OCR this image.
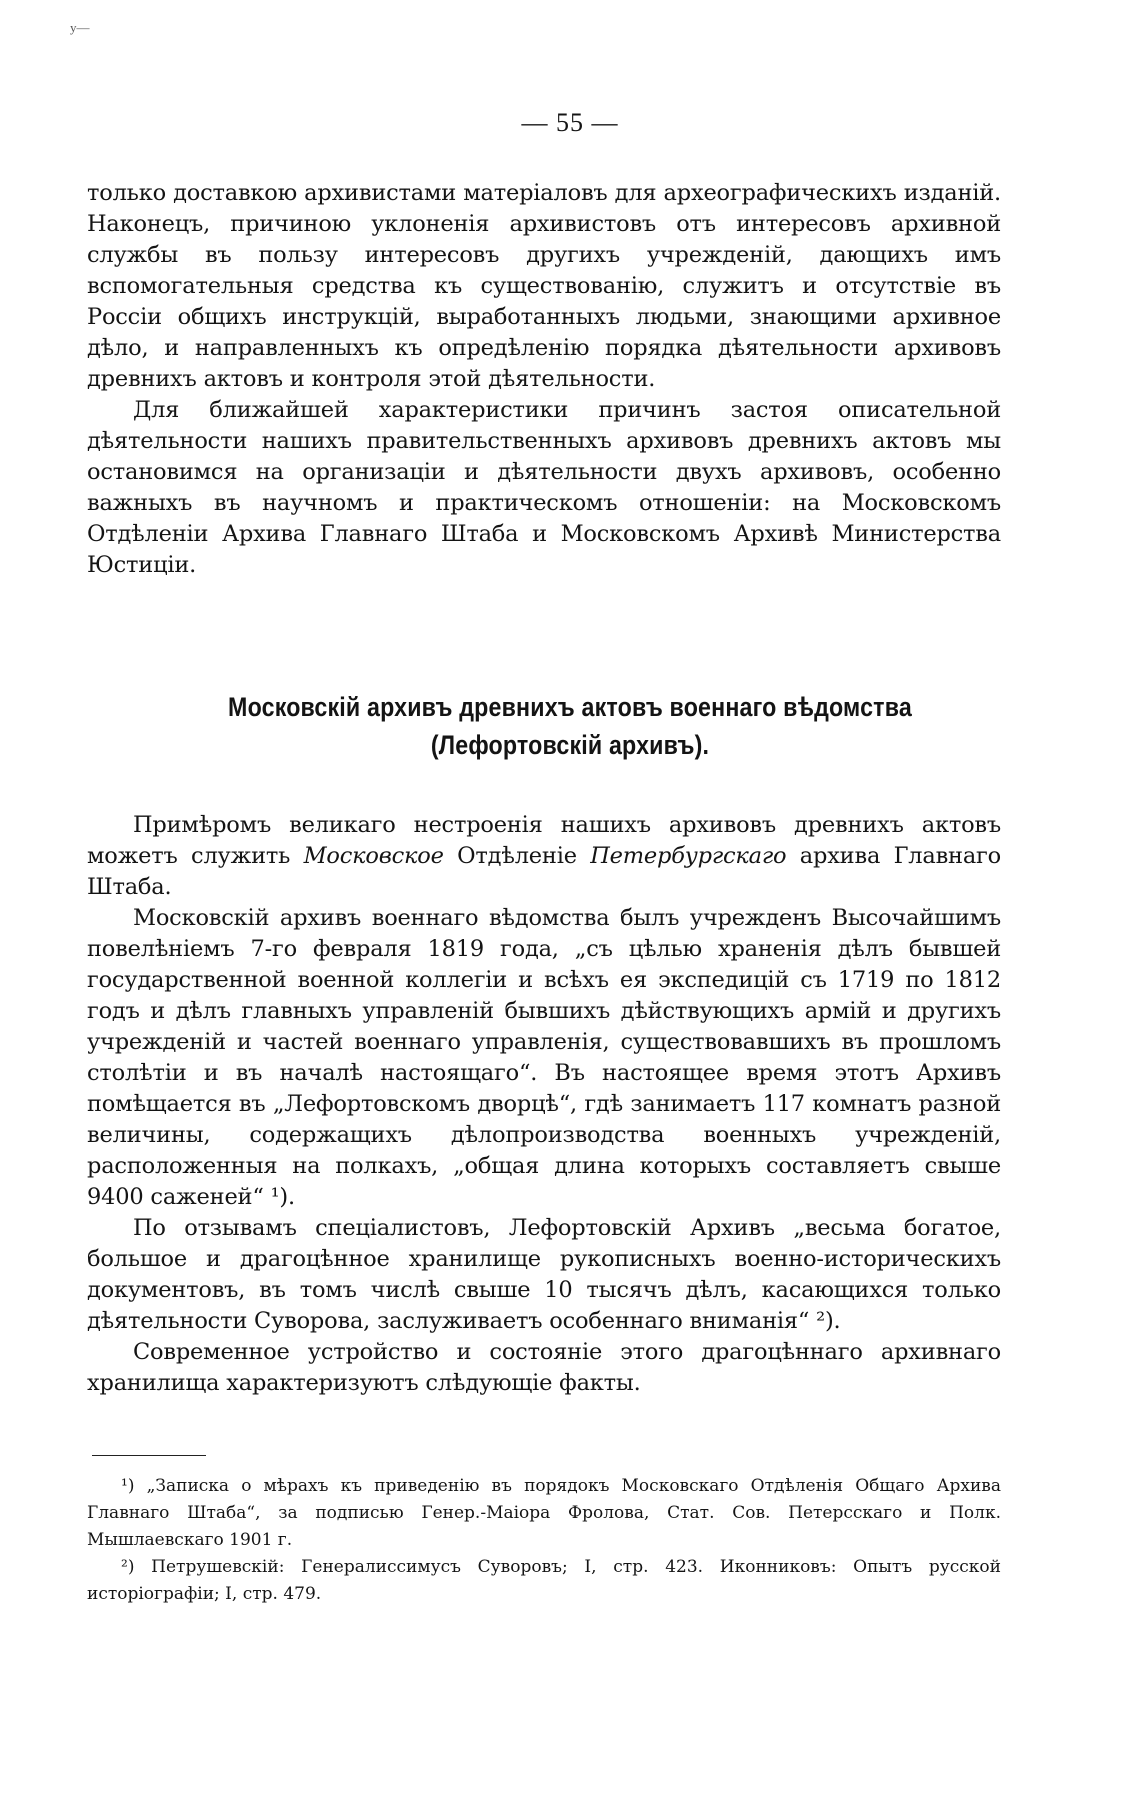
у—
— 55 —

только доставкою архивистами матеріаловъ для археографическихъ изданій. Наконецъ, причиною уклоненія архивистовъ отъ интересовъ архивной службы въ пользу интересовъ другихъ учрежденій, дающихъ имъ вспомогательныя средства къ существованію, служитъ и отсутствіе въ Россіи общихъ инструкцій, выработанныхъ людьми, знающими архивное дѣло, и направленныхъ къ опредѣленію порядка дѣятельности архивовъ древнихъ актовъ и контроля этой дѣятельности.

Для ближайшей характеристики причинъ застоя описательной дѣятельности нашихъ правительственныхъ архивовъ древнихъ актовъ мы остановимся на организаціи и дѣятельности двухъ архивовъ, особенно важныхъ въ научномъ и практическомъ отношеніи: на Московскомъ Отдѣленіи Архива Главнаго Штаба и Московскомъ Архивѣ Министерства Юстиціи.

Московскій архивъ древнихъ актовъ военнаго вѣдомства
(Лефортовскій архивъ).

Примѣромъ великаго нестроенія нашихъ архивовъ древнихъ актовъ можетъ служить Московское Отдѣленіе Петербургскаго архива Главнаго Штаба.

Московскій архивъ военнаго вѣдомства былъ учрежденъ Высочайшимъ повелѣніемъ 7-го февраля 1819 года, „съ цѣлью храненія дѣлъ бывшей государственной военной коллегіи и всѣхъ ея экспедицій съ 1719 по 1812 годъ и дѣлъ главныхъ управленій бывшихъ дѣйствующихъ армій и другихъ учрежденій и частей военнаго управленія, существовавшихъ въ прошломъ столѣтіи и въ началѣ настоящаго“. Въ настоящее время этотъ Архивъ помѣщается въ „Лефортовскомъ дворцѣ“, гдѣ занимаетъ 117 комнатъ разной величины, содержащихъ дѣлопроизводства военныхъ учрежденій, расположенныя на полкахъ, „общая длина которыхъ составляетъ свыше 9400 саженей“ ¹).

По отзывамъ спеціалистовъ, Лефортовскій Архивъ „весьма богатое, большое и драгоцѣнное хранилище рукописныхъ военно-историческихъ документовъ, въ томъ числѣ свыше 10 тысячъ дѣлъ, касающихся только дѣятельности Суворова, заслуживаетъ особеннаго вниманія“ ²).

Современное устройство и состояніе этого драгоцѣннаго архивнаго хранилища характеризуютъ слѣдующіе факты.

¹) „Записка о мѣрахъ къ приведенію въ порядокъ Московскаго Отдѣленія Общаго Архива Главнаго Штаба“, за подписью Генер.-Маіора Фролова, Стат. Сов. Петерсскаго и Полк. Мышлаевскаго 1901 г.

²) Петрушевскій: Генералиссимусъ Суворовъ; I, стр. 423. Иконниковъ: Опытъ русской исторіографіи; I, стр. 479.
